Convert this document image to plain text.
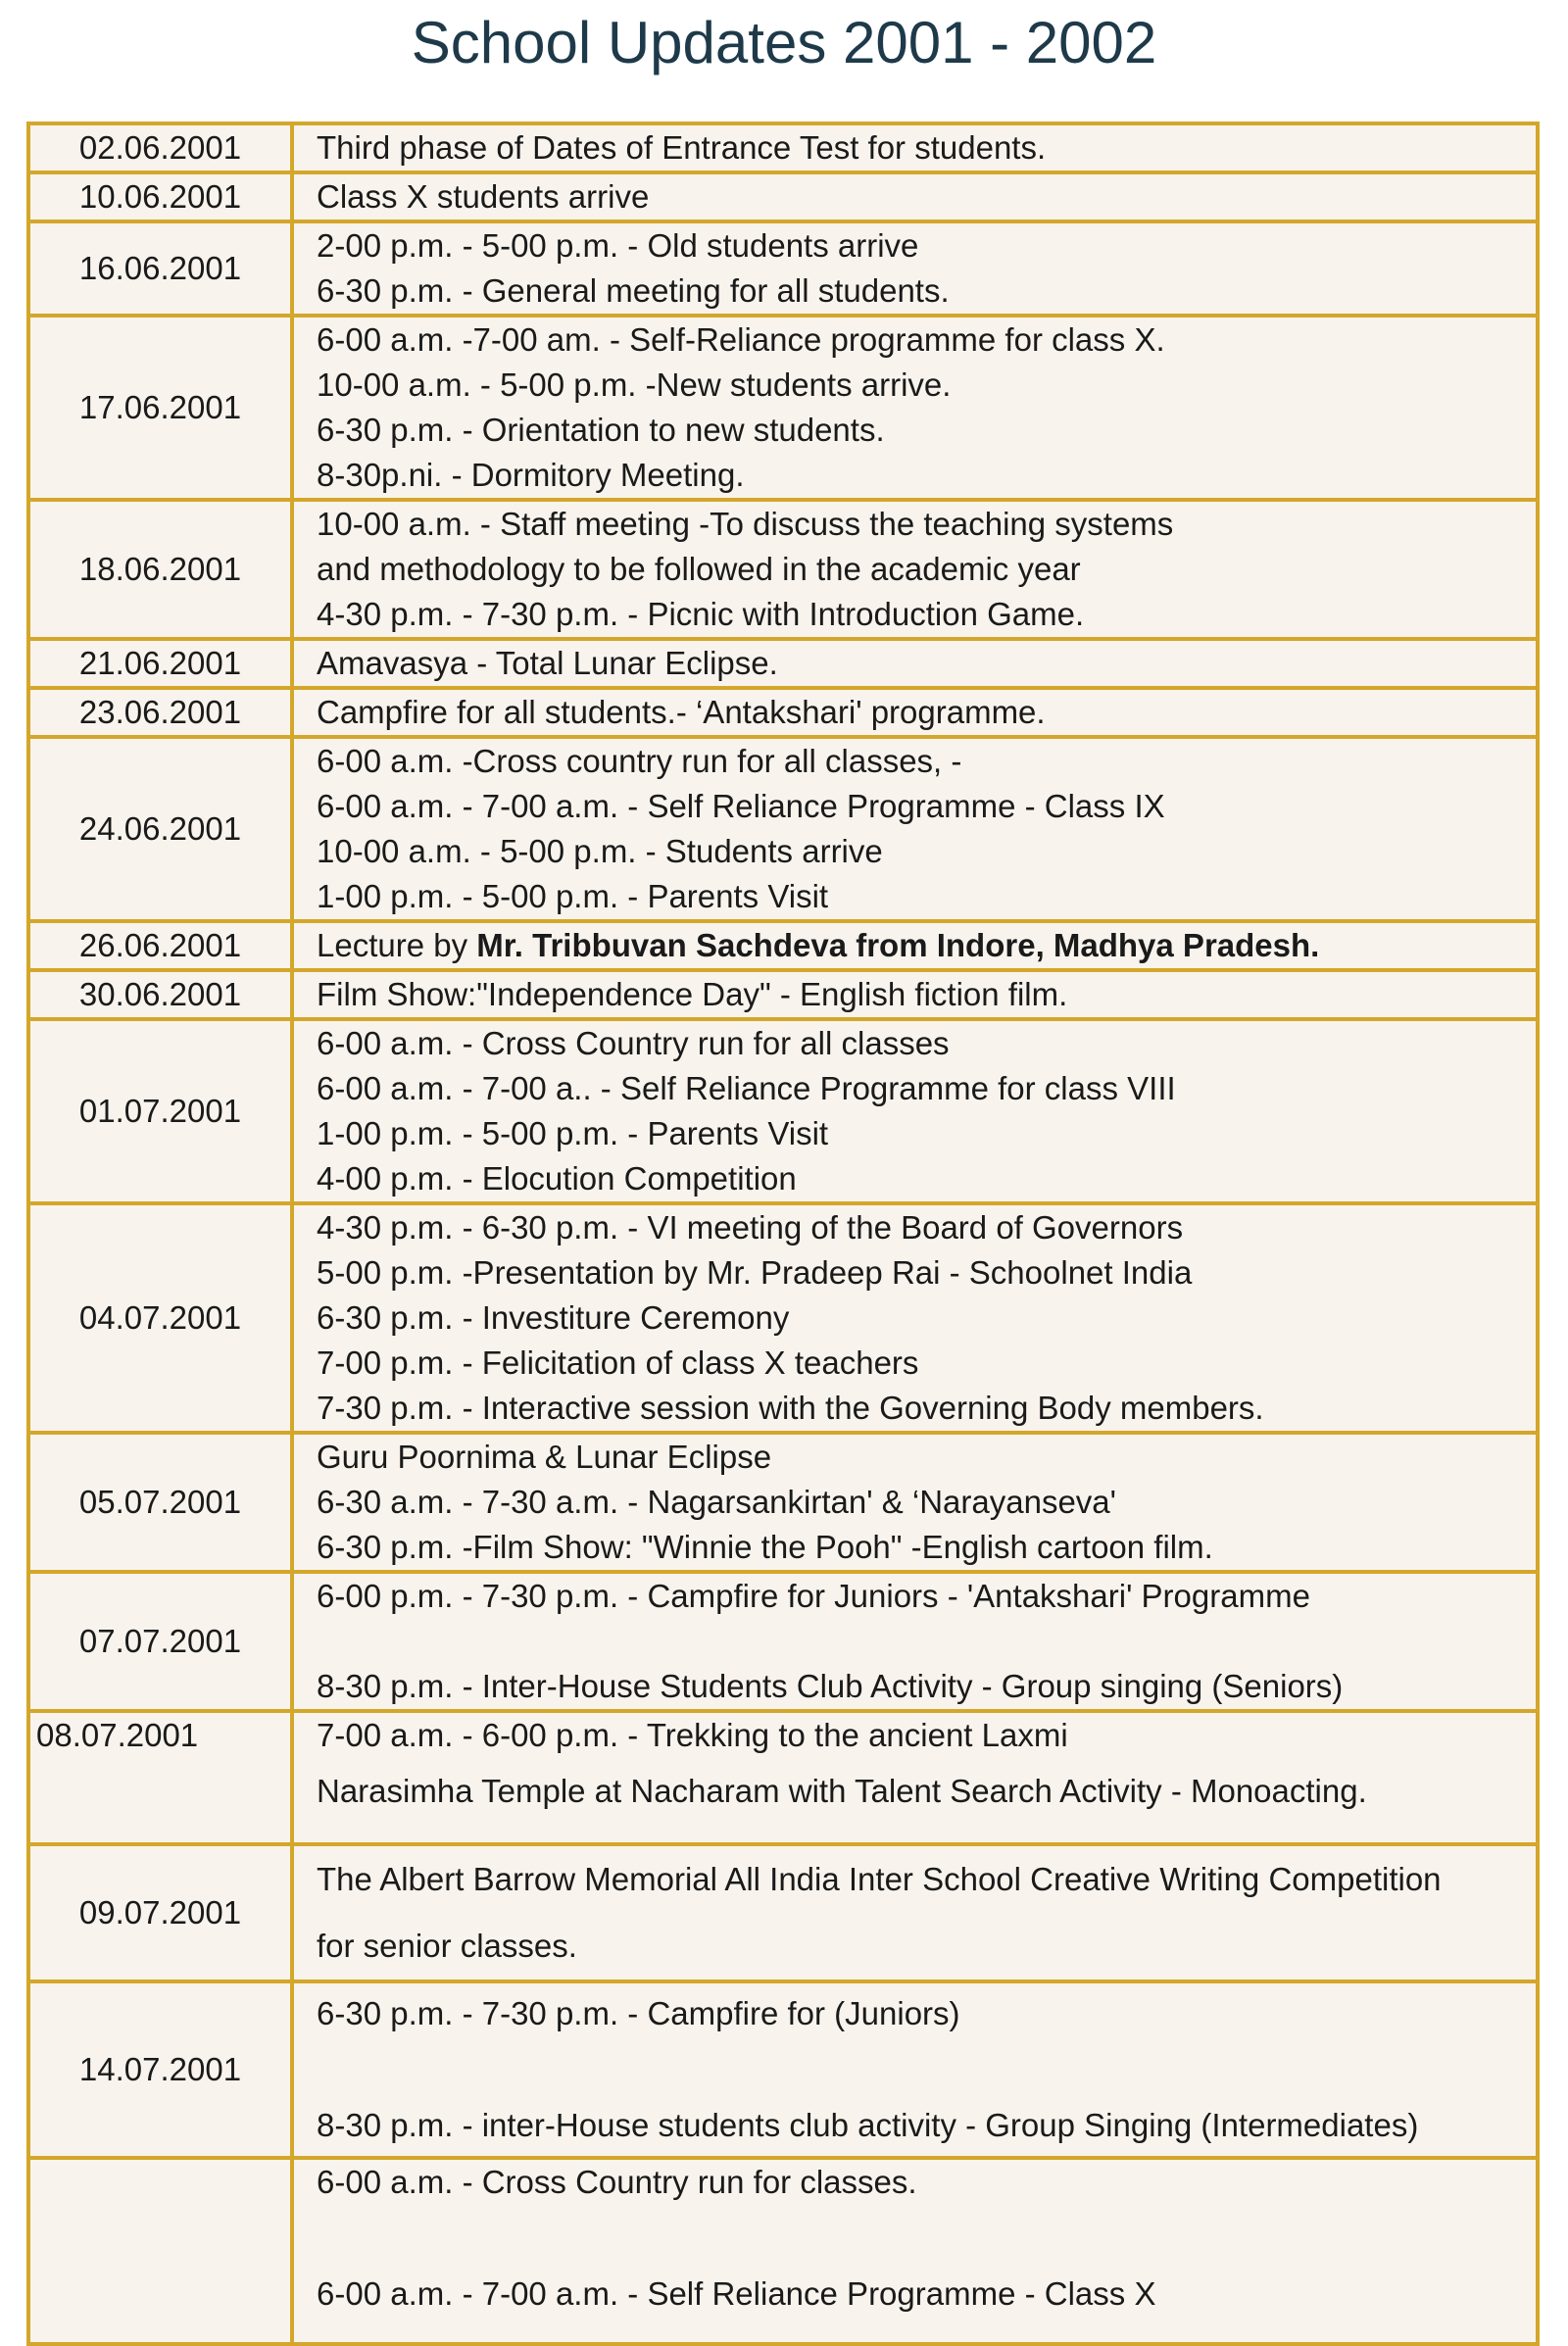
School Updates 2001 - 2002
02.06.2001	Third phase of Dates of Entrance Test for students.

10.06.2001	Class X students arrive

16.06.2001	2-00 p.m. - 5-00 p.m. - Old students arrive
6-30 p.m. - General meeting for all students.

17.06.2001	6-00 a.m. -7-00 am. - Self-Reliance programme for class X.
10-00 a.m. - 5-00 p.m. -New students arrive.
6-30 p.m. - Orientation to new students.
8-30p.ni. - Dormitory Meeting.

18.06.2001	10-00 a.m. - Staff meeting -To discuss the teaching systems
and methodology to be followed in the academic year
4-30 p.m. - 7-30 p.m. - Picnic with Introduction Game.

21.06.2001	Amavasya - Total Lunar Eclipse.

23.06.2001	Campfire for all students.- ‘Antakshari' programme.

24.06.2001	6-00 a.m. -Cross country run for all classes, -
6-00 a.m. - 7-00 a.m. - Self Reliance Programme - Class IX
10-00 a.m. - 5-00 p.m. - Students arrive
1-00 p.m. - 5-00 p.m. - Parents Visit

26.06.2001	Lecture by Mr. Tribbuvan Sachdeva from Indore, Madhya Pradesh.

30.06.2001	Film Show:"Independence Day" - English fiction film.

01.07.2001	6-00 a.m. - Cross Country run for all classes
6-00 a.m. - 7-00 a.. - Self Reliance Programme for class VIII
1-00 p.m. - 5-00 p.m. - Parents Visit
4-00 p.m. - Elocution Competition

04.07.2001	4-30 p.m. - 6-30 p.m. - VI meeting of the Board of Governors
5-00 p.m. -Presentation by Mr. Pradeep Rai - Schoolnet India
6-30 p.m. - Investiture Ceremony
7-00 p.m. - Felicitation of class X teachers
7-30 p.m. - Interactive session with the Governing Body members.

05.07.2001	Guru Poornima & Lunar Eclipse
6-30 a.m. - 7-30 a.m. - Nagarsankirtan' & ‘Narayanseva'
6-30 p.m. -Film Show: "Winnie the Pooh" -English cartoon film.

07.07.2001	6-00 p.m. - 7-30 p.m. - Campfire for Juniors - 'Antakshari' Programme
8-30 p.m. - Inter-House Students Club Activity - Group singing (Seniors)

08.07.2001	7-00 a.m. - 6-00 p.m. - Trekking to the ancient Laxmi
Narasimha Temple at Nacharam with Talent Search Activity - Monoacting.

09.07.2001	The Albert Barrow Memorial All India Inter School Creative Writing Competition
for senior classes.

14.07.2001	6-30 p.m. - 7-30 p.m. - Campfire for (Juniors)
8-30 p.m. - inter-House students club activity - Group Singing (Intermediates)

	6-00 a.m. - Cross Country run for classes.
6-00 a.m. - 7-00 a.m. - Self Reliance Programme - Class X
